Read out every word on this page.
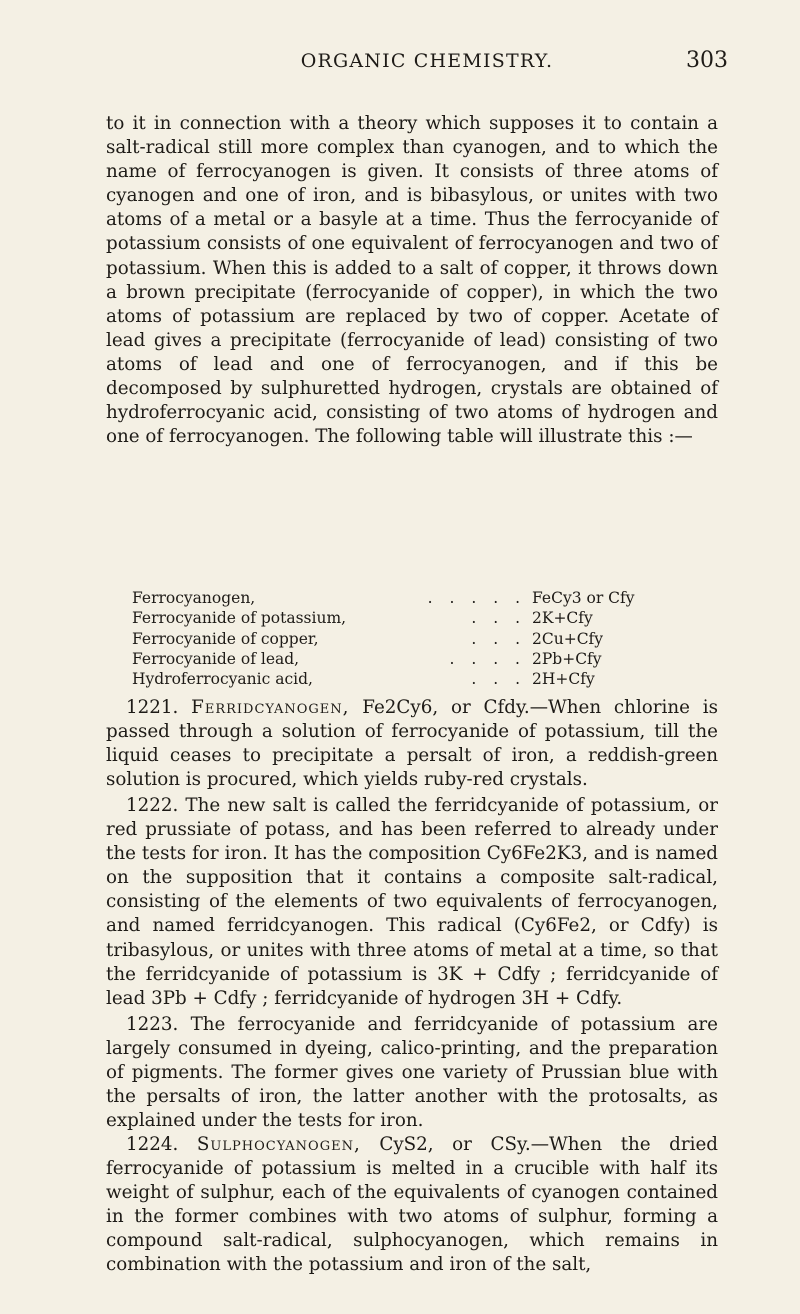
ORGANIC CHEMISTRY.	303

to it in connection with a theory which supposes it to contain a salt-radical still more complex than cyanogen, and to which the name of ferrocyanogen is given. It consists of three atoms of cyanogen and one of iron, and is bibasylous, or unites with two atoms of a metal or a basyle at a time. Thus the ferrocyanide of potassium consists of one equivalent of ferrocyanogen and two of potassium. When this is added to a salt of copper, it throws down a brown precipitate (ferrocyanide of copper), in which the two atoms of potassium are replaced by two of copper. Acetate of lead gives a precipitate (ferrocyanide of lead) consisting of two atoms of lead and one of ferrocyanogen, and if this be decomposed by sulphuretted hydrogen, crystals are obtained of hydroferrocyanic acid, consisting of two atoms of hydrogen and one of ferrocyanogen. The following table will illustrate this :—

Ferrocyanogen,	. . . . . FeCy3 or Cfy
Ferrocyanide of potassium,	. . . 2K+Cfy
Ferrocyanide of copper,	. . . 2Cu+Cfy
Ferrocyanide of lead,	. . . . 2Pb+Cfy
Hydroferrocyanic acid,	. . . 2H+Cfy

1221. Ferridcyanogen, Fe2Cy6, or Cfdy.—When chlorine is passed through a solution of ferrocyanide of potassium, till the liquid ceases to precipitate a persalt of iron, a reddish-green solution is procured, which yields ruby-red crystals.

1222. The new salt is called the ferridcyanide of potassium, or red prussiate of potass, and has been referred to already under the tests for iron. It has the composition Cy6Fe2K3, and is named on the supposition that it contains a composite salt-radical, consisting of the elements of two equivalents of ferrocyanogen, and named ferridcyanogen. This radical (Cy6Fe2, or Cdfy) is tribasylous, or unites with three atoms of metal at a time, so that the ferridcyanide of potassium is 3K + Cdfy ; ferridcyanide of lead 3Pb + Cdfy ; ferridcyanide of hydrogen 3H + Cdfy.

1223. The ferrocyanide and ferridcyanide of potassium are largely consumed in dyeing, calico-printing, and the preparation of pigments. The former gives one variety of Prussian blue with the persalts of iron, the latter another with the protosalts, as explained under the tests for iron.

1224. Sulphocyanogen, CyS2, or CSy.—When the dried ferrocyanide of potassium is melted in a crucible with half its weight of sulphur, each of the equivalents of cyanogen contained in the former combines with two atoms of sulphur, forming a compound salt-radical, sulphocyanogen, which remains in combination with the potassium and iron of the salt,
